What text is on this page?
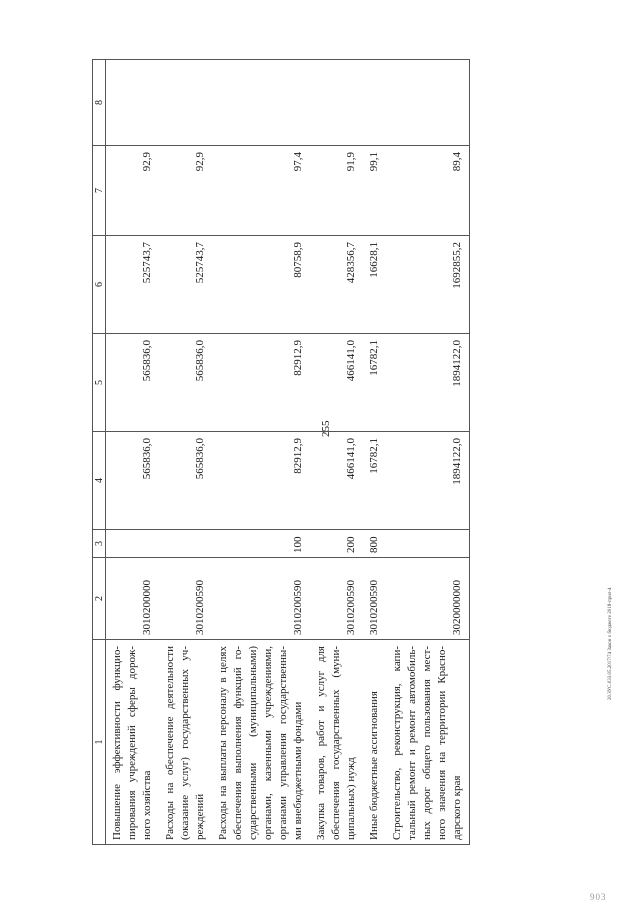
255
1	2	3	4	5	6	7	8
Повышение эффективности функцио-пирования учреждений сферы дорож-ного хозяйства	3010200000		565836,0	565836,0	525743,7	92,9	
Расходы на обеспечение деятельности (оказание услуг) государственных уч-реждений	3010200590		565836,0	565836,0	525743,7	92,9	
Расходы на выплаты персоналу в целях обеспечения выполнения функций го-сударственными (муниципальными) органами, казенными учреждениями, органами управления государственны-ми внебюджетными фондами	3010200590	100	82912,9	82912,9	80758,9	97,4	
Закупка товаров, работ и услуг для обеспечения государственных (муни-ципальных) нужд	3010200590	200	466141,0	466141,0	428356,7	91,9	
Иные бюджетные ассигнования	3010200590	800	16782,1	16782,1	16628,1	99,1	
Строительство, реконструкция, капи-тальный ремонт и ремонт автомобиль-ных дорог общего пользования мест-ного значения на территории Красно-дарского края	3020000000		1894122,0	1894122,0	1692855,2	89,4	
20.ЗУС.033.05.2017/74 Закон о бюджете 2018-прил-4
903
